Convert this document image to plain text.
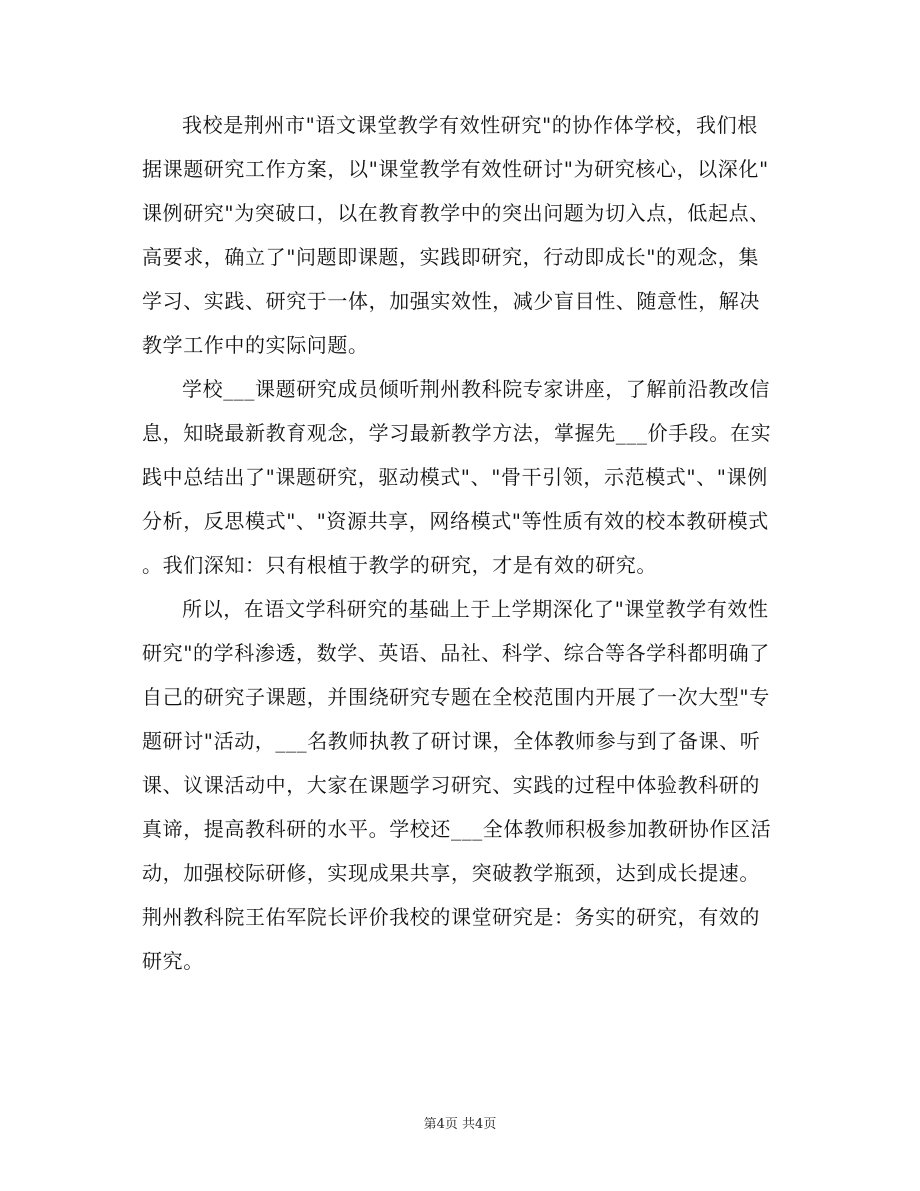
我校是荆州市"语文课堂教学有效性研究"的协作体学校，我们根
据课题研究工作方案，以"课堂教学有效性研讨"为研究核心，以深化"
课例研究"为突破口，以在教育教学中的突出问题为切入点，低起点、
高要求，确立了"问题即课题，实践即研究，行动即成长"的观念，集
学习、实践、研究于一体，加强实效性，减少盲目性、随意性，解决
教学工作中的实际问题。
学校___课题研究成员倾听荆州教科院专家讲座，了解前沿教改信
息，知晓最新教育观念，学习最新教学方法，掌握先___价手段。在实
践中总结出了"课题研究，驱动模式"、"骨干引领，示范模式"、"课例
分析，反思模式"、"资源共享，网络模式"等性质有效的校本教研模式
。我们深知：只有根植于教学的研究，才是有效的研究。
所以，在语文学科研究的基础上于上学期深化了"课堂教学有效性
研究"的学科渗透，数学、英语、品社、科学、综合等各学科都明确了
自己的研究子课题，并围绕研究专题在全校范围内开展了一次大型"专
题研讨"活动，___名教师执教了研讨课，全体教师参与到了备课、听
课、议课活动中，大家在课题学习研究、实践的过程中体验教科研的
真谛，提高教科研的水平。学校还___全体教师积极参加教研协作区活
动，加强校际研修，实现成果共享，突破教学瓶颈，达到成长提速。
荆州教科院王佑军院长评价我校的课堂研究是：务实的研究，有效的
研究。
第4页 共4页
